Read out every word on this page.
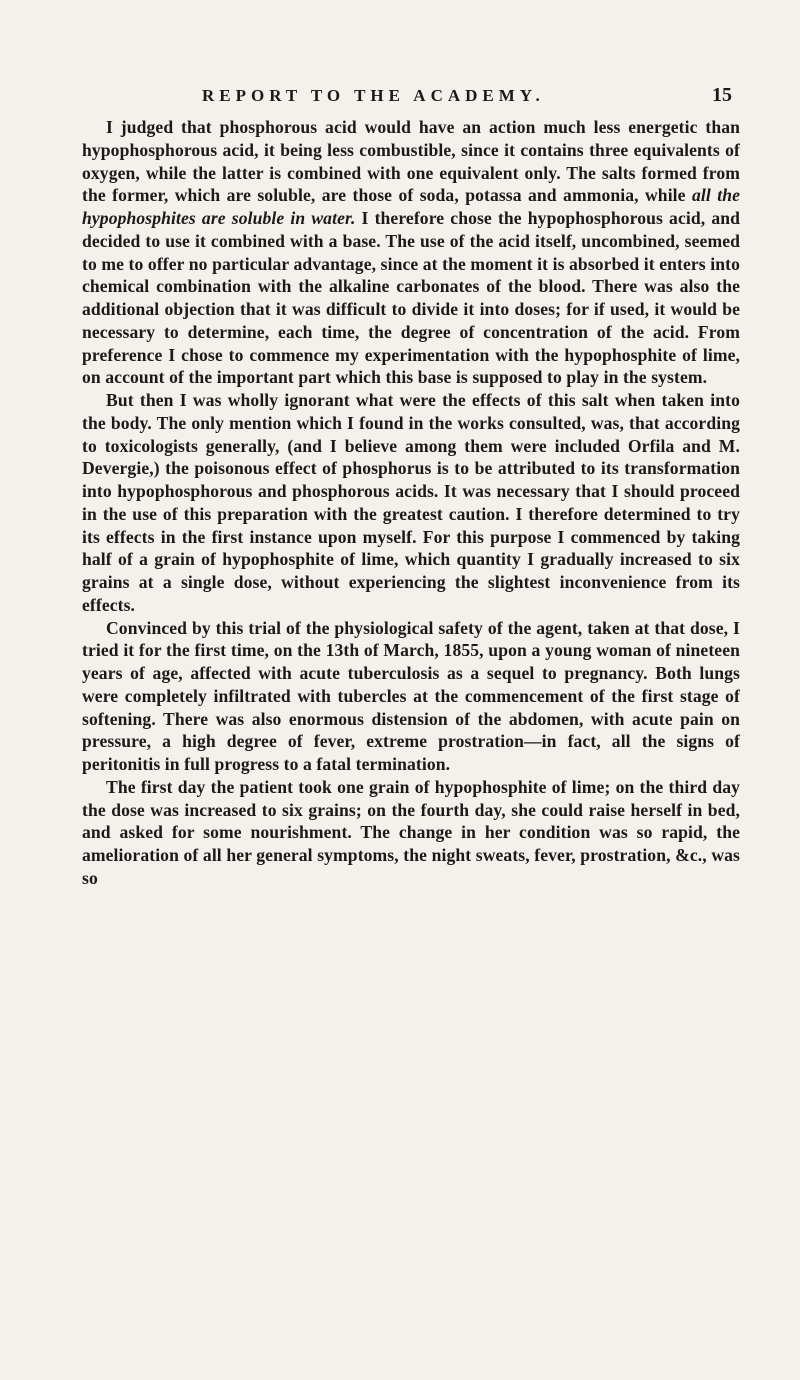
REPORT TO THE ACADEMY.	15

I judged that phosphorous acid would have an action much less energetic than hypophosphorous acid, it being less combustible, since it contains three equivalents of oxygen, while the latter is combined with one equivalent only. The salts formed from the former, which are soluble, are those of soda, potassa and ammonia, while all the hypophosphites are soluble in water. I therefore chose the hypophosphorous acid, and decided to use it combined with a base. The use of the acid itself, uncombined, seemed to me to offer no particular advantage, since at the moment it is absorbed it enters into chemical combination with the alkaline carbonates of the blood. There was also the additional objection that it was difficult to divide it into doses; for if used, it would be necessary to determine, each time, the degree of concentration of the acid. From preference I chose to commence my experimentation with the hypophosphite of lime, on account of the important part which this base is supposed to play in the system.

But then I was wholly ignorant what were the effects of this salt when taken into the body. The only mention which I found in the works consulted, was, that according to toxicologists generally, (and I believe among them were included Orfila and M. Devergie,) the poisonous effect of phosphorus is to be attributed to its transformation into hypophosphorous and phosphorous acids. It was necessary that I should proceed in the use of this preparation with the greatest caution. I therefore determined to try its effects in the first instance upon myself. For this purpose I commenced by taking half of a grain of hypophosphite of lime, which quantity I gradually increased to six grains at a single dose, without experiencing the slightest inconvenience from its effects.

Convinced by this trial of the physiological safety of the agent, taken at that dose, I tried it for the first time, on the 13th of March, 1855, upon a young woman of nineteen years of age, affected with acute tuberculosis as a sequel to pregnancy. Both lungs were completely infiltrated with tubercles at the commencement of the first stage of softening. There was also enormous distension of the abdomen, with acute pain on pressure, a high degree of fever, extreme prostration—in fact, all the signs of peritonitis in full progress to a fatal termination.

The first day the patient took one grain of hypophosphite of lime; on the third day the dose was increased to six grains; on the fourth day, she could raise herself in bed, and asked for some nourishment. The change in her condition was so rapid, the amelioration of all her general symptoms, the night sweats, fever, prostration, &c., was so
